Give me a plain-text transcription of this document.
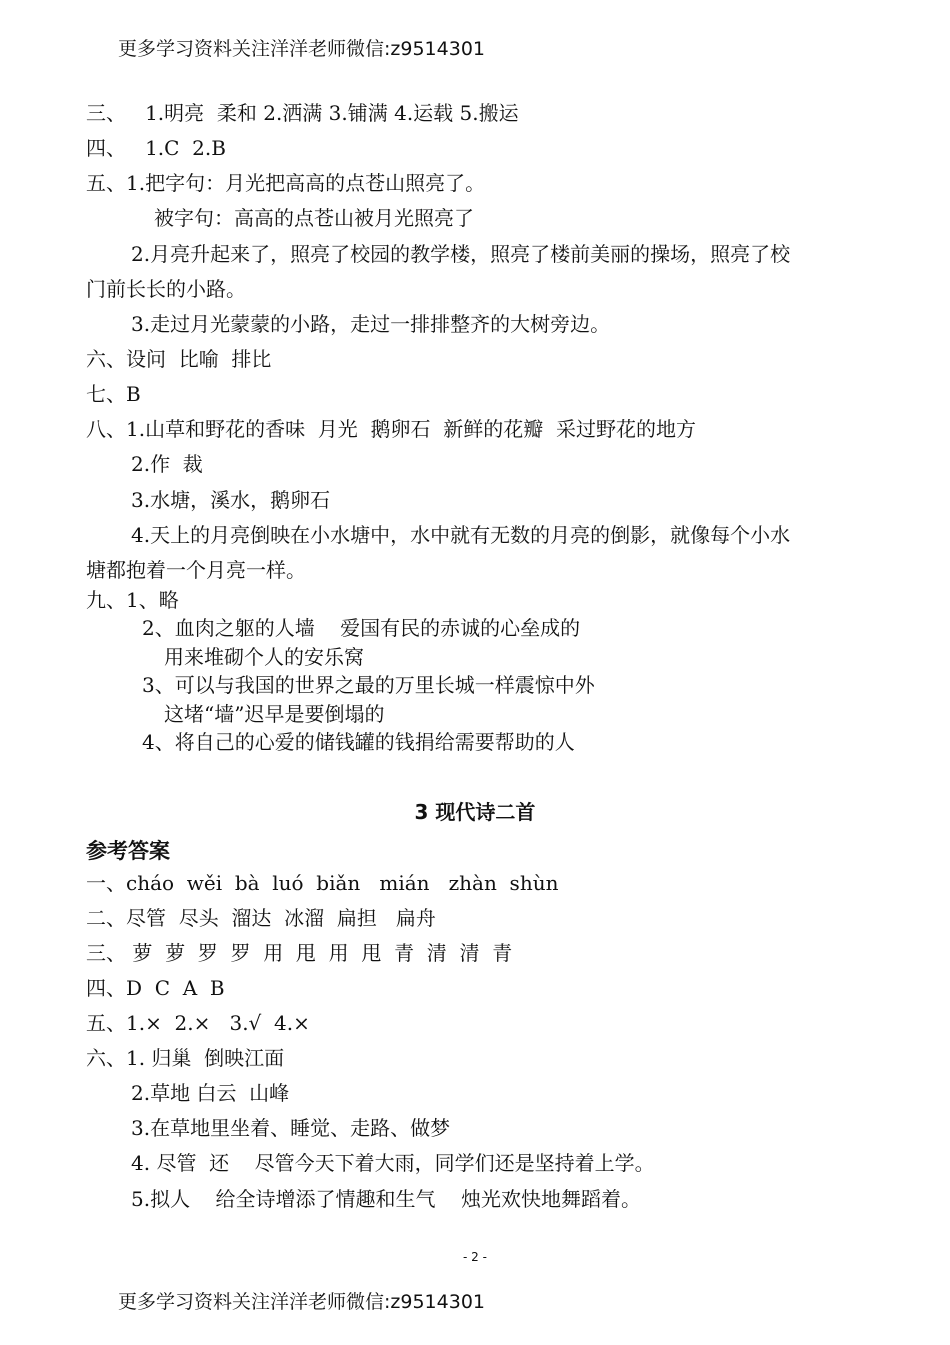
更多学习资料关注洋洋老师微信:z9514301
三、   1.明亮  柔和 2.洒满 3.铺满 4.运载 5.搬运
四、   1.C  2.B
五、1.把字句：月光把高高的点苍山照亮了。
被字句：高高的点苍山被月光照亮了
2.月亮升起来了，照亮了校园的教学楼，照亮了楼前美丽的操场，照亮了校
门前长长的小路。
3.走过月光蒙蒙的小路，走过一排排整齐的大树旁边。
六、设问  比喻  排比
七、B
八、1.山草和野花的香味  月光  鹅卵石  新鲜的花瓣  采过野花的地方
2.作  裁
3.水塘，溪水，鹅卵石
4.天上的月亮倒映在小水塘中，水中就有无数的月亮的倒影，就像每个小水
塘都抱着一个月亮一样。
九、1、略
2、血肉之躯的人墙    爱国有民的赤诚的心垒成的
用来堆砌个人的安乐窝
3、可以与我国的世界之最的万里长城一样震惊中外
这堵“墙”迟早是要倒塌的
4、将自己的心爱的储钱罐的钱捐给需要帮助的人
3 现代诗二首
参考答案
一、cháo  wěi  bà  luó  biǎn   mián   zhàn  shùn
二、尽管  尽头  溜达  冰溜  扁担   扁舟
三、 萝  萝  罗  罗  用  甩  用  甩  青  清  清  青
四、D  C  A  B
五、1.×  2.×   3.√  4.×
六、1. 归巢  倒映江面
2.草地 白云  山峰
3.在草地里坐着、睡觉、走路、做梦
4. 尽管  还    尽管今天下着大雨，同学们还是坚持着上学。
5.拟人    给全诗增添了情趣和生气    烛光欢快地舞蹈着。
- 2 -
更多学习资料关注洋洋老师微信:z9514301
